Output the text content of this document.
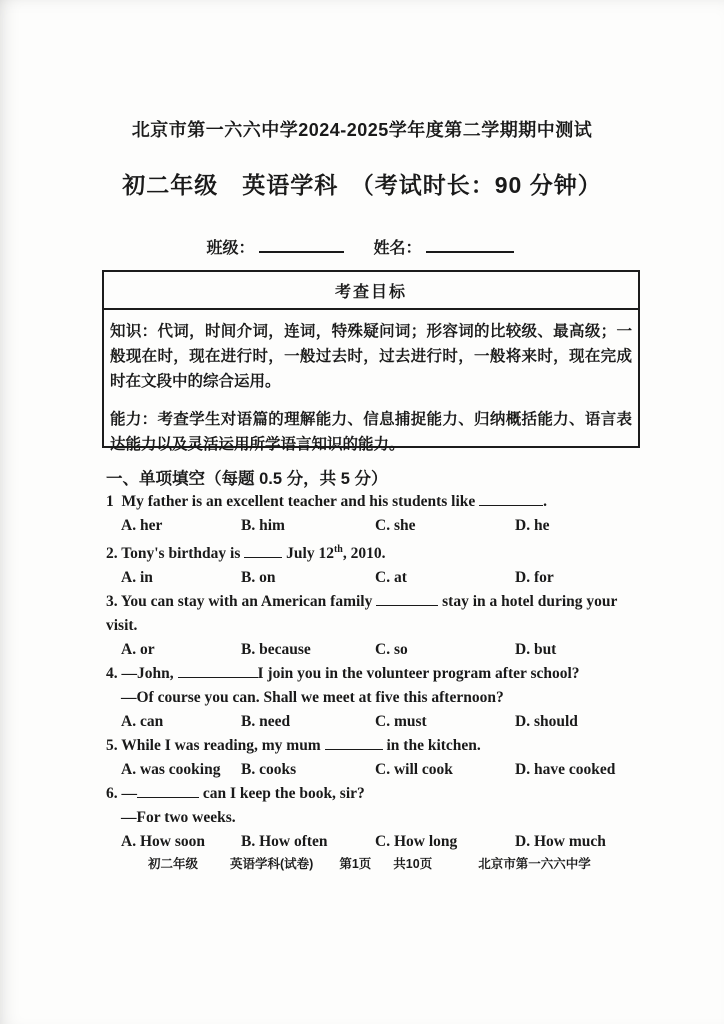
北京市第一六六中学2024-2025学年度第二学期期中测试
初二年级　英语学科　（考试时长：90 分钟）
班级：	姓名：
考查目标

知识：代词，时间介词，连词，特殊疑问词；形容词的比较级、最高级；一般现在时，现在进行时，一般过去时，过去进行时，一般将来时，现在完成时在文段中的综合运用。

能力：考查学生对语篇的理解能力、信息捕捉能力、归纳概括能力、语言表达能力以及灵活运用所学语言知识的能力。

一、单项填空（每题 0.5 分，共 5 分）
1  My father is an excellent teacher and his students like	.
A. her	B. him	C. she	D. he
2. Tony's birthday is  July 12th, 2010.
A. in	B. on	C. at	D. for
3. You can stay with an American family	stay in a hotel during your
visit.
A. or	B. because	C. so	D. but
4. —John,	I join you in the volunteer program after school?
—Of course you can. Shall we meet at five this afternoon?
A. can	B. need	C. must	D. should
5. While I was reading, my mum	in the kitchen.
A. was cooking	B. cooks	C. will cook	D. have cooked
6. —	can I keep the book, sir?
—For two weeks.
A. How soon	B. How often	C. How long	D. How much
初二年级	英语学科(试卷) 第1页 共10页	北京市第一六六中学
